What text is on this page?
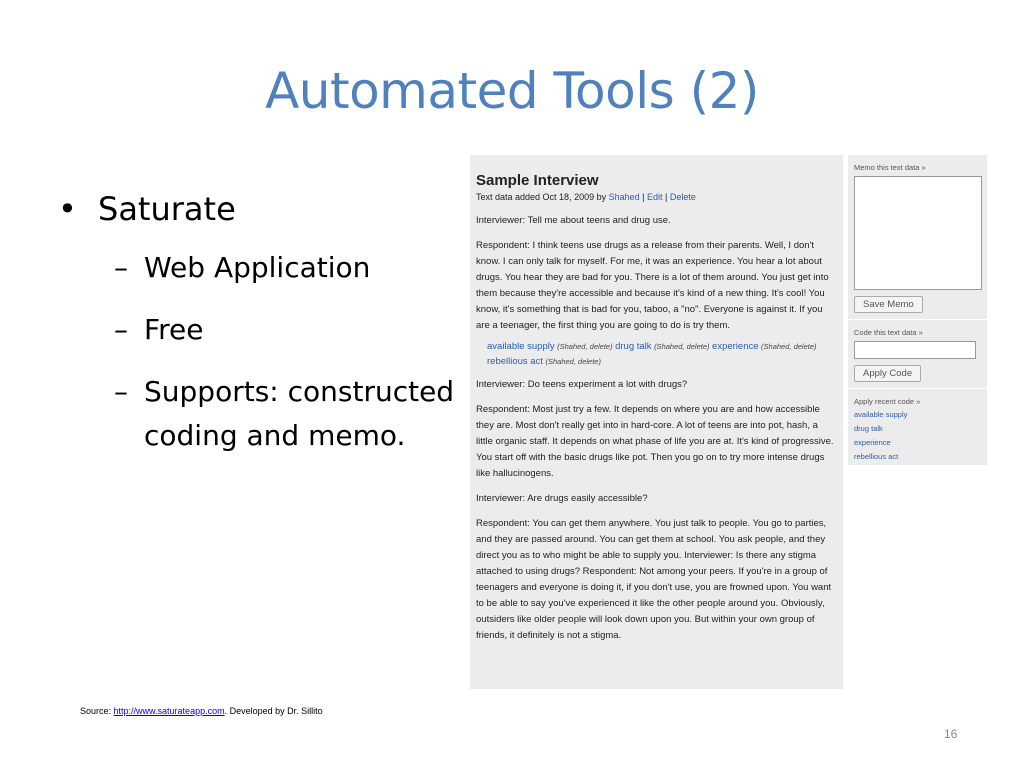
Automated Tools (2)
• Saturate
– Web Application
– Free
– Supports: constructed coding and memo.
Sample Interview
Text data added Oct 18, 2009 by Shahed | Edit | Delete

Interviewer: Tell me about teens and drug use.

Respondent: I think teens use drugs as a release from their parents. Well, I don't know. I can only talk for myself. For me, it was an experience. You hear a lot about drugs. You hear they are bad for you. There is a lot of them around. You just get into them because they're accessible and because it's kind of a new thing. It's cool! You know, it's something that is bad for you, taboo, a "no". Everyone is against it. If you are a teenager, the first thing you are going to do is try them.

available supply (Shahed, delete) drug talk (Shahed, delete) experience (Shahed, delete) rebellious act (Shahed, delete)

Interviewer: Do teens experiment a lot with drugs?

Respondent: Most just try a few. It depends on where you are and how accessible they are. Most don't really get into in hard-core. A lot of teens are into pot, hash, a little organic staff. It depends on what phase of life you are at. It's kind of progressive. You start off with the basic drugs like pot. Then you go on to try more intense drugs like hallucinogens.

Interviewer: Are drugs easily accessible?

Respondent: You can get them anywhere. You just talk to people. You go to parties, and they are passed around. You can get them at school. You ask people, and they direct you as to who might be able to supply you. Interviewer: Is there any stigma attached to using drugs? Respondent: Not among your peers. If you're in a group of teenagers and everyone is doing it, if you don't use, you are frowned upon. You want to be able to say you've experienced it like the other people around you. Obviously, outsiders like older people will look down upon you. But within your own group of friends, it definitely is not a stigma.

Memo this text data »
Save Memo
Code this text data »
Apply Code
Apply recent code »
available supply
drug talk
experience
rebellious act
Source: http://www.saturateapp.com. Developed by Dr. Sillito
16
